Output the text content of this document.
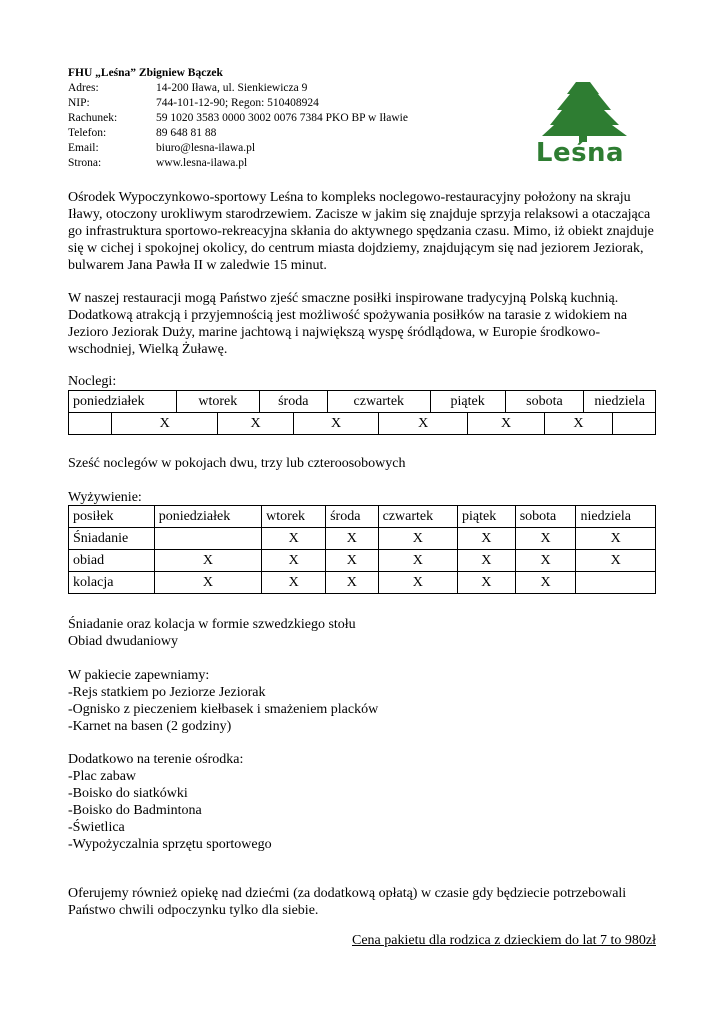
FHU „Leśna” Zbigniew Bączek
Adres:	14-200 Iława, ul. Sienkiewicza 9
NIP:	744-101-12-90; Regon: 510408924
Rachunek:	59 1020 3583 0000 3002 0076 7384 PKO BP w Iławie
Telefon:	89 648 81 88
Email:	biuro@lesna-ilawa.pl
Strona:	www.lesna-ilawa.pl	Leśna
Ośrodek Wypoczynkowo-sportowy Leśna to kompleks noclegowo-restauracyjny położony na skraju Iławy, otoczony urokliwym starodrzewiem. Zacisze w jakim się znajduje sprzyja relaksowi a otaczająca go infrastruktura sportowo-rekreacyjna skłania do aktywnego spędzania czasu. Mimo, iż obiekt znajduje się w cichej i spokojnej okolicy, do centrum miasta dojdziemy, znajdującym się nad jeziorem Jeziorak, bulwarem Jana Pawła II w zaledwie 15 minut.
W naszej restauracji mogą Państwo zjeść smaczne posiłki inspirowane tradycyjną Polską kuchnią. Dodatkową atrakcją i przyjemnością jest możliwość spożywania posiłków na tarasie z widokiem na Jezioro Jeziorak Duży, marine jachtową i największą wyspę śródlądowa, w Europie środkowo-wschodniej, Wielką Żuławę.
Noclegi:
poniedziałek		wtorek		środa		czwartek		piątek		sobota		niedziela	
	X		X		X		X		X		X		
Sześć noclegów w pokojach dwu, trzy lub czteroosobowych
Wyżywienie:
posiłek	poniedziałek	wtorek	środa	czwartek	piątek	sobota	niedziela
Śniadanie		X	X	X	X	X	X
obiad	X	X	X	X	X	X	X
kolacja	X	X	X	X	X	X	
Śniadanie oraz kolacja w formie szwedzkiego stołu
Obiad dwudaniowy
W pakiecie zapewniamy:
-Rejs statkiem po Jeziorze Jeziorak
-Ognisko z pieczeniem kiełbasek i smażeniem placków
-Karnet na basen (2 godziny)
Dodatkowo na terenie ośrodka:
-Plac zabaw
-Boisko do siatkówki
-Boisko do Badmintona
-Świetlica
-Wypożyczalnia sprzętu sportowego
Oferujemy również opiekę nad dziećmi (za dodatkową opłatą) w czasie gdy będziecie potrzebowali Państwo chwili odpoczynku tylko dla siebie.
Cena pakietu dla rodzica z dzieckiem do lat 7 to 980zł
